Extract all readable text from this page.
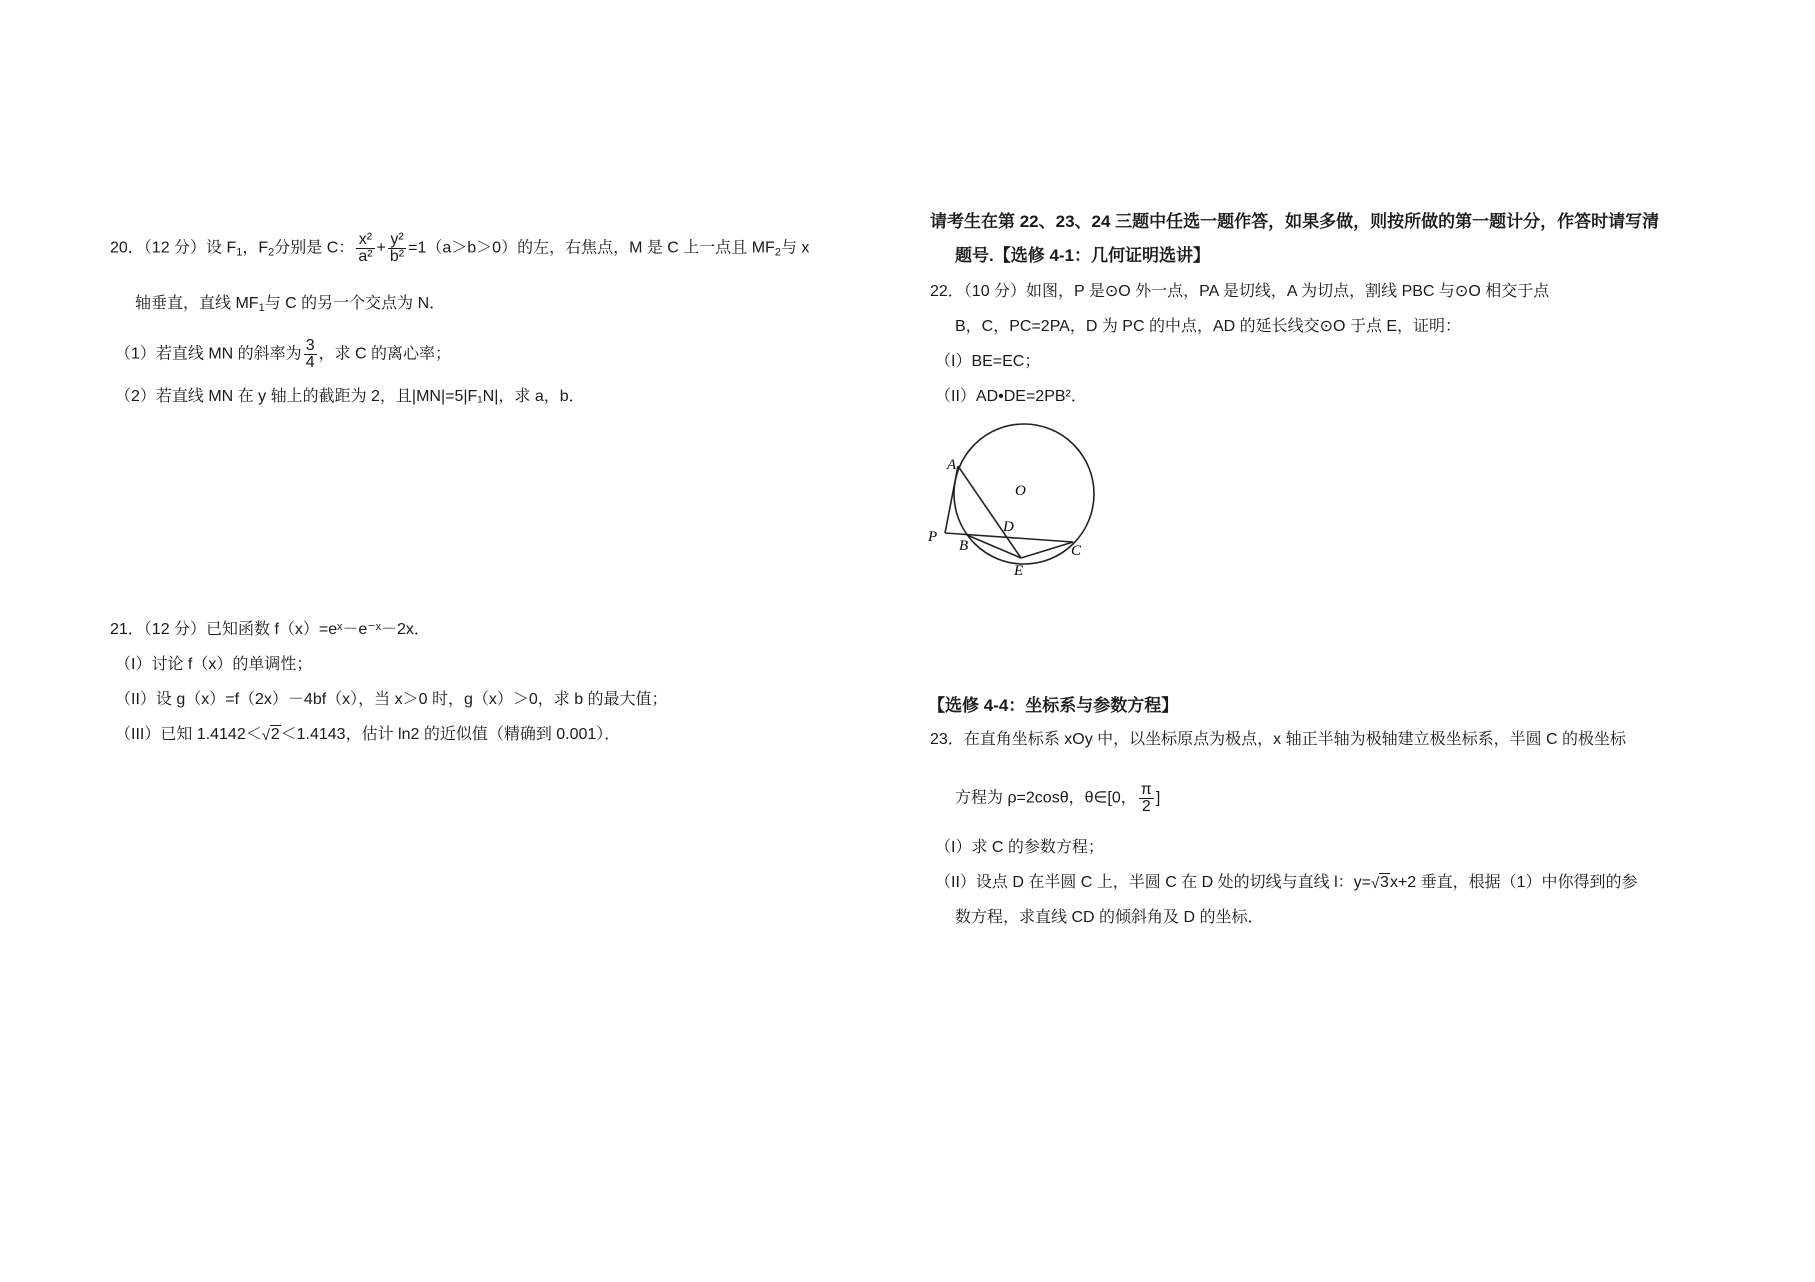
20．（12 分）设 $F_1$，$F_2$分别是 C： $\frac{\text{x²}}{\text{a²}} + \frac{\text{y²}}{\text{b²}} =1(a>b>0)$的左，右焦点，M 是 C 上一点且 $MF_2$与 x
轴垂直，直线 $MF_1$与 C 的另一个交点为 N．
（1）若直线 MN 的斜率为 $\frac{3}{4}$ ，求 C 的离心率；
（2）若直线 MN 在 y 轴上的截距为 2，且|MN|=5|F₁N|，求 a，b．
21．（12 分）已知函数 f（x）=eˣ－e⁻ˣ－2x．
（I）讨论 f（x）的单调性；
（II）设 g（x）=f（2x）－4bf（x），当 x＞0 时，g（x）＞0，求 b 的最大值；
（III）已知 1.4142＜ √ 2＜1.4143，估计 ln2 的近似值（精确到 0.001）．
请考生在第 22、23、24 三题中任选一题作答，如果多做，则按所做的第一题计分，作答时请写清
题号.【选修 4-1：几何证明选讲】
22．（10 分）如图，P 是⊙O 外一点，PA 是切线，A 为切点，割线 PBC 与⊙O 相交于点
B，C，PC=2PA，D 为 PC 的中点，AD 的延长线交⊙O 于点 E，证明：
（I）BE=EC；
（II）AD•DE=2PB²．
A
O
D
P
B	C
E
【选修 4-4：坐标系与参数方程】
23．在直角坐标系 xOy 中，以坐标原点为极点，x 轴正半轴为极轴建立极坐标系，半圆 C 的极坐标
方程为 ρ=2cosθ，θ∈[0， $\frac{\pi}{2}$ ]
（I）求 C 的参数方程；
（II）设点 D 在半圆 C 上，半圆 C 在 D 处的切线与直线 l：y= √ 3x+2 垂直，根据（1）中你得到的参
数方程，求直线 CD 的倾斜角及 D 的坐标．
